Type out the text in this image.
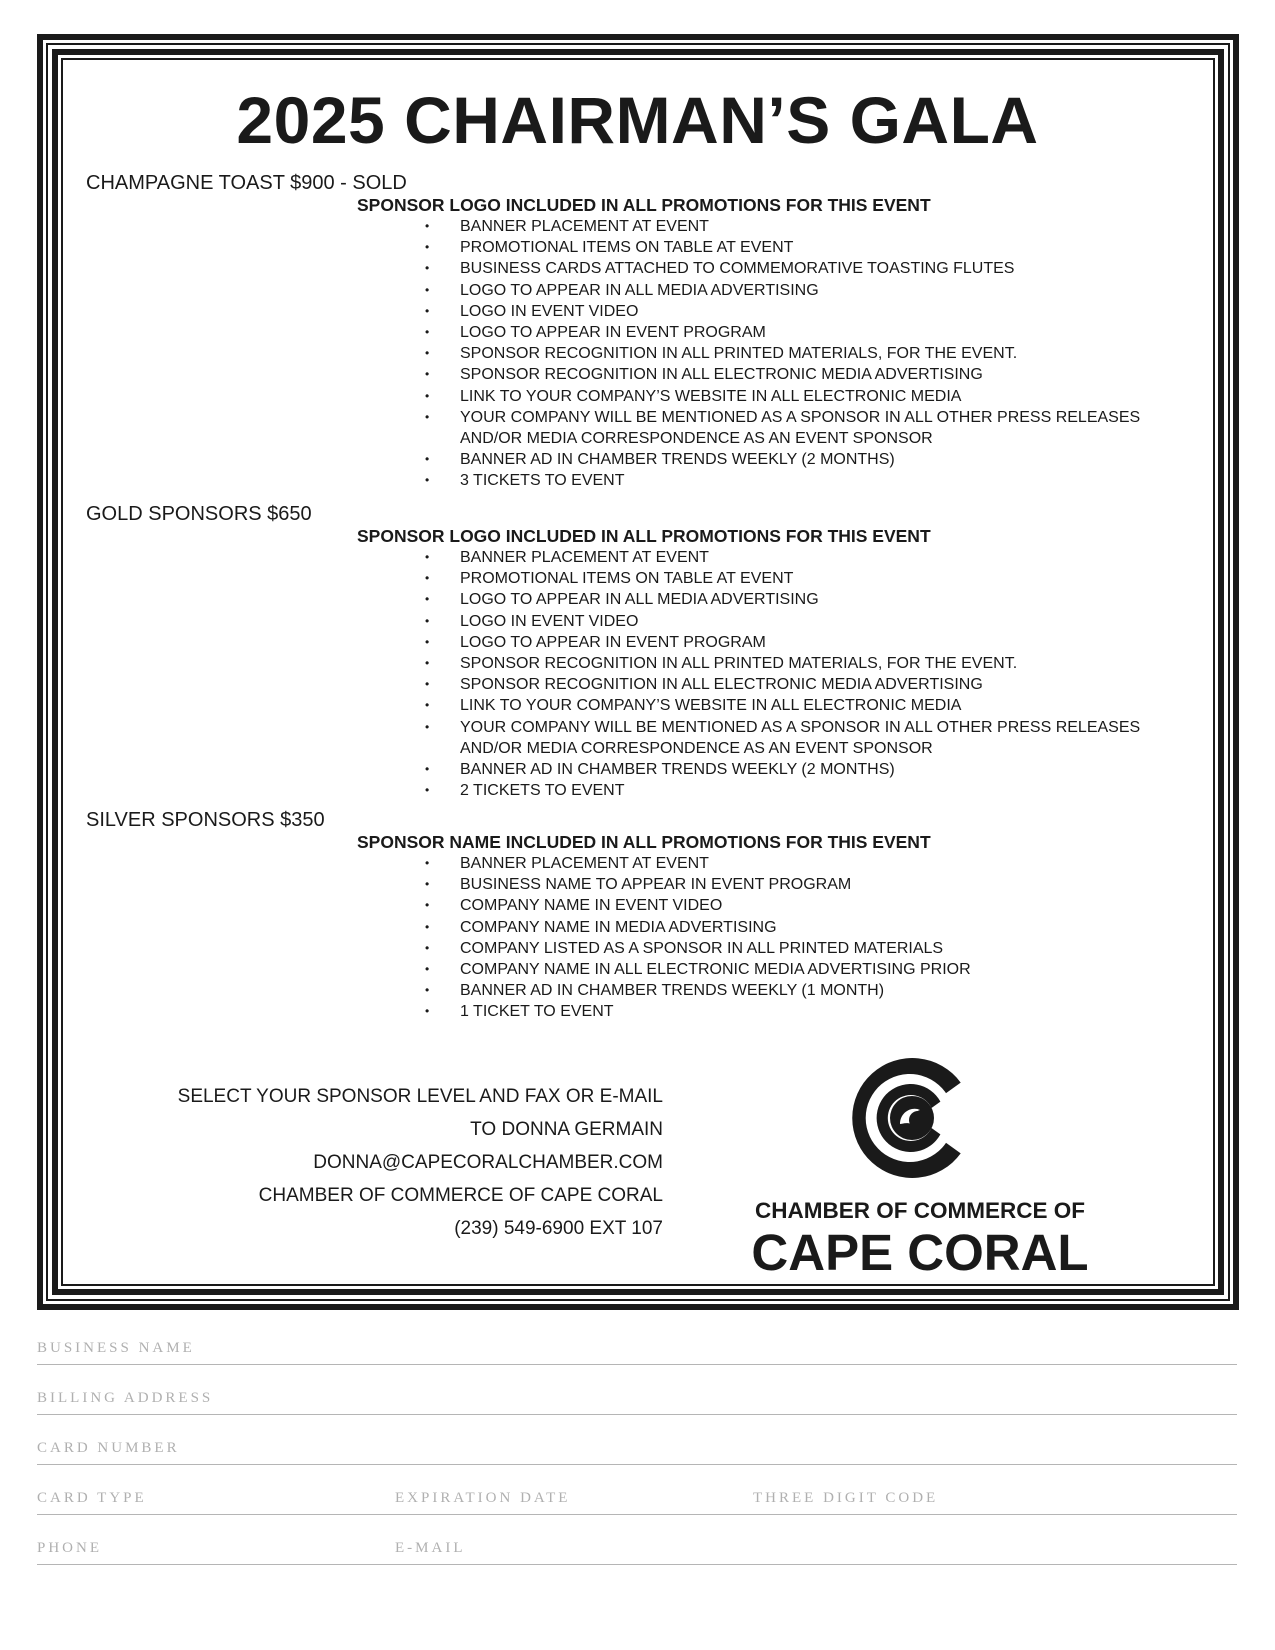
2025 CHAIRMAN’S GALA
CHAMPAGNE TOAST $900 - SOLD
SPONSOR LOGO INCLUDED IN ALL PROMOTIONS FOR THIS EVENT
• BANNER PLACEMENT AT EVENT
• PROMOTIONAL ITEMS ON TABLE AT EVENT
• BUSINESS CARDS ATTACHED TO COMMEMORATIVE TOASTING FLUTES
• LOGO TO APPEAR IN ALL MEDIA ADVERTISING
• LOGO IN EVENT VIDEO
• LOGO TO APPEAR IN EVENT PROGRAM
• SPONSOR RECOGNITION IN ALL PRINTED MATERIALS, FOR THE EVENT.
• SPONSOR RECOGNITION IN ALL ELECTRONIC MEDIA ADVERTISING
• LINK TO YOUR COMPANY’S WEBSITE IN ALL ELECTRONIC MEDIA
• YOUR COMPANY WILL BE MENTIONED AS A SPONSOR IN ALL OTHER PRESS RELEASES
AND/OR MEDIA CORRESPONDENCE AS AN EVENT SPONSOR
• BANNER AD IN CHAMBER TRENDS WEEKLY (2 MONTHS)
• 3 TICKETS TO EVENT
GOLD SPONSORS $650
SPONSOR LOGO INCLUDED IN ALL PROMOTIONS FOR THIS EVENT
• BANNER PLACEMENT AT EVENT
• PROMOTIONAL ITEMS ON TABLE AT EVENT
• LOGO TO APPEAR IN ALL MEDIA ADVERTISING
• LOGO IN EVENT VIDEO
• LOGO TO APPEAR IN EVENT PROGRAM
• SPONSOR RECOGNITION IN ALL PRINTED MATERIALS, FOR THE EVENT.
• SPONSOR RECOGNITION IN ALL ELECTRONIC MEDIA ADVERTISING
• LINK TO YOUR COMPANY’S WEBSITE IN ALL ELECTRONIC MEDIA
• YOUR COMPANY WILL BE MENTIONED AS A SPONSOR IN ALL OTHER PRESS RELEASES
AND/OR MEDIA CORRESPONDENCE AS AN EVENT SPONSOR
• BANNER AD IN CHAMBER TRENDS WEEKLY (2 MONTHS)
• 2 TICKETS TO EVENT
SILVER SPONSORS $350
SPONSOR NAME INCLUDED IN ALL PROMOTIONS FOR THIS EVENT
• BANNER PLACEMENT AT EVENT
• BUSINESS NAME TO APPEAR IN EVENT PROGRAM
• COMPANY NAME IN EVENT VIDEO
• COMPANY NAME IN MEDIA ADVERTISING
• COMPANY LISTED AS A SPONSOR IN ALL PRINTED MATERIALS
• COMPANY NAME IN ALL ELECTRONIC MEDIA ADVERTISING PRIOR
• BANNER AD IN CHAMBER TRENDS WEEKLY (1 MONTH)
• 1 TICKET TO EVENT
SELECT YOUR SPONSOR LEVEL AND FAX OR E-MAIL
TO DONNA GERMAIN
DONNA@CAPECORALCHAMBER.COM
CHAMBER OF COMMERCE OF CAPE CORAL
(239) 549-6900 EXT 107

CHAMBER OF COMMERCE OF

CAPE CORAL

BUSINESS NAME
BILLING ADDRESS
CARD NUMBER
CARD TYPE	EXPIRATION DATE	THREE DIGIT CODE
PHONE	E-MAIL
